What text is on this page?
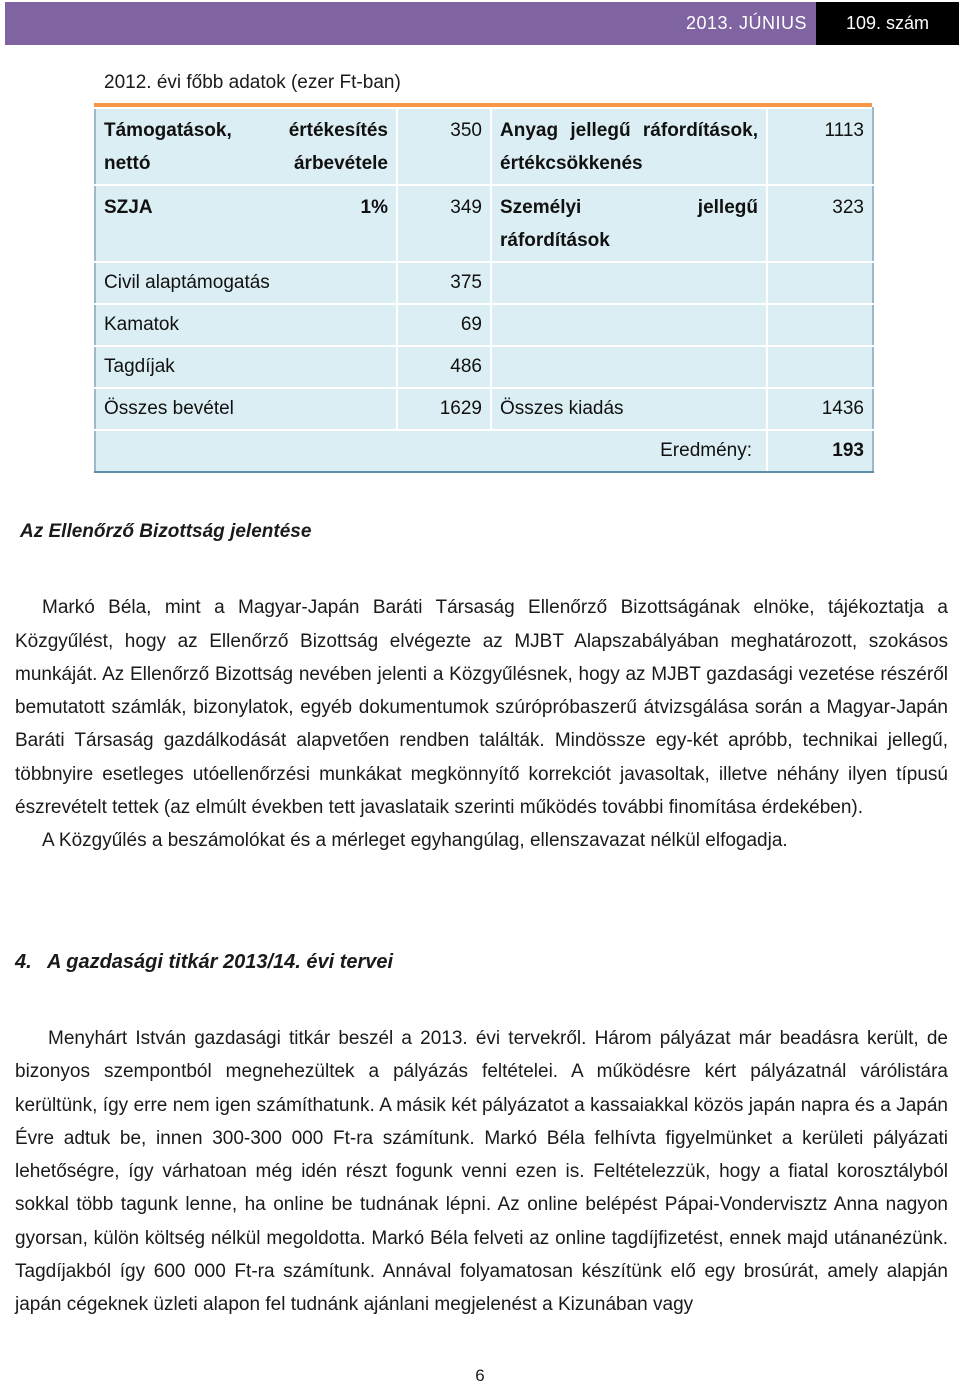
2013. JÚNIUS	109. szám
2012. évi főbb adatok (ezer Ft-ban)
Támogatások, értékesítés nettó árbevétele	350	Anyag jellegű ráfordítások, értékcsökkenés	1113
SZJA 1%	349	Személyi jellegű ráfordítások	323
Civil alaptámogatás	375		
Kamatok	69		
Tagdíjak	486		
Összes bevétel	1629	Összes kiadás	1436
Eredmény:			193
Az Ellenőrző Bizottság jelentése

Markó Béla, mint a Magyar-Japán Baráti Társaság Ellenőrző Bizottságának elnöke, tájékoztatja a Közgyűlést, hogy az Ellenőrző Bizottság elvégezte az MJBT Alapszabályában meghatározott, szokásos munkáját. Az Ellenőrző Bizottság nevében jelenti a Közgyűlésnek, hogy az MJBT gazdasági vezetése részéről bemutatott számlák, bizonylatok, egyéb dokumentumok szúrópróbaszerű átvizsgálása során a Magyar-Japán Baráti Társaság gazdálkodását alapvetően rendben találták. Mindössze egy-két apróbb, technikai jellegű, többnyire esetleges utóellenőrzési munkákat megkönnyítő korrekciót javasoltak, illetve néhány ilyen típusú észrevételt tettek (az elmúlt években tett javaslataik szerinti működés további finomítása érdekében).

A Közgyűlés a beszámolókat és a mérleget egyhangúlag, ellenszavazat nélkül elfogadja.

4. A gazdasági titkár 2013/14. évi tervei

Menyhárt István gazdasági titkár beszél a 2013. évi tervekről. Három pályázat már beadásra került, de bizonyos szempontból megnehezültek a pályázás feltételei. A működésre kért pályázatnál várólistára kerültünk, így erre nem igen számíthatunk. A másik két pályázatot a kassaiakkal közös japán napra és a Japán Évre adtuk be, innen 300-300 000 Ft-ra számítunk. Markó Béla felhívta figyelmünket a kerületi pályázati lehetőségre, így várhatoan még idén részt fogunk venni ezen is. Feltételezzük, hogy a fiatal korosztályból sokkal több tagunk lenne, ha online be tudnának lépni. Az online belépést Pápai-Vondervisztz Anna nagyon gyorsan, külön költség nélkül megoldotta. Markó Béla felveti az online tagdíjfizetést, ennek majd utánanézünk. Tagdíjakból így 600 000 Ft-ra számítunk. Annával folyamatosan készítünk elő egy brosúrát, amely alapján japán cégeknek üzleti alapon fel tudnánk ajánlani megjelenést a Kizunában vagy

6
